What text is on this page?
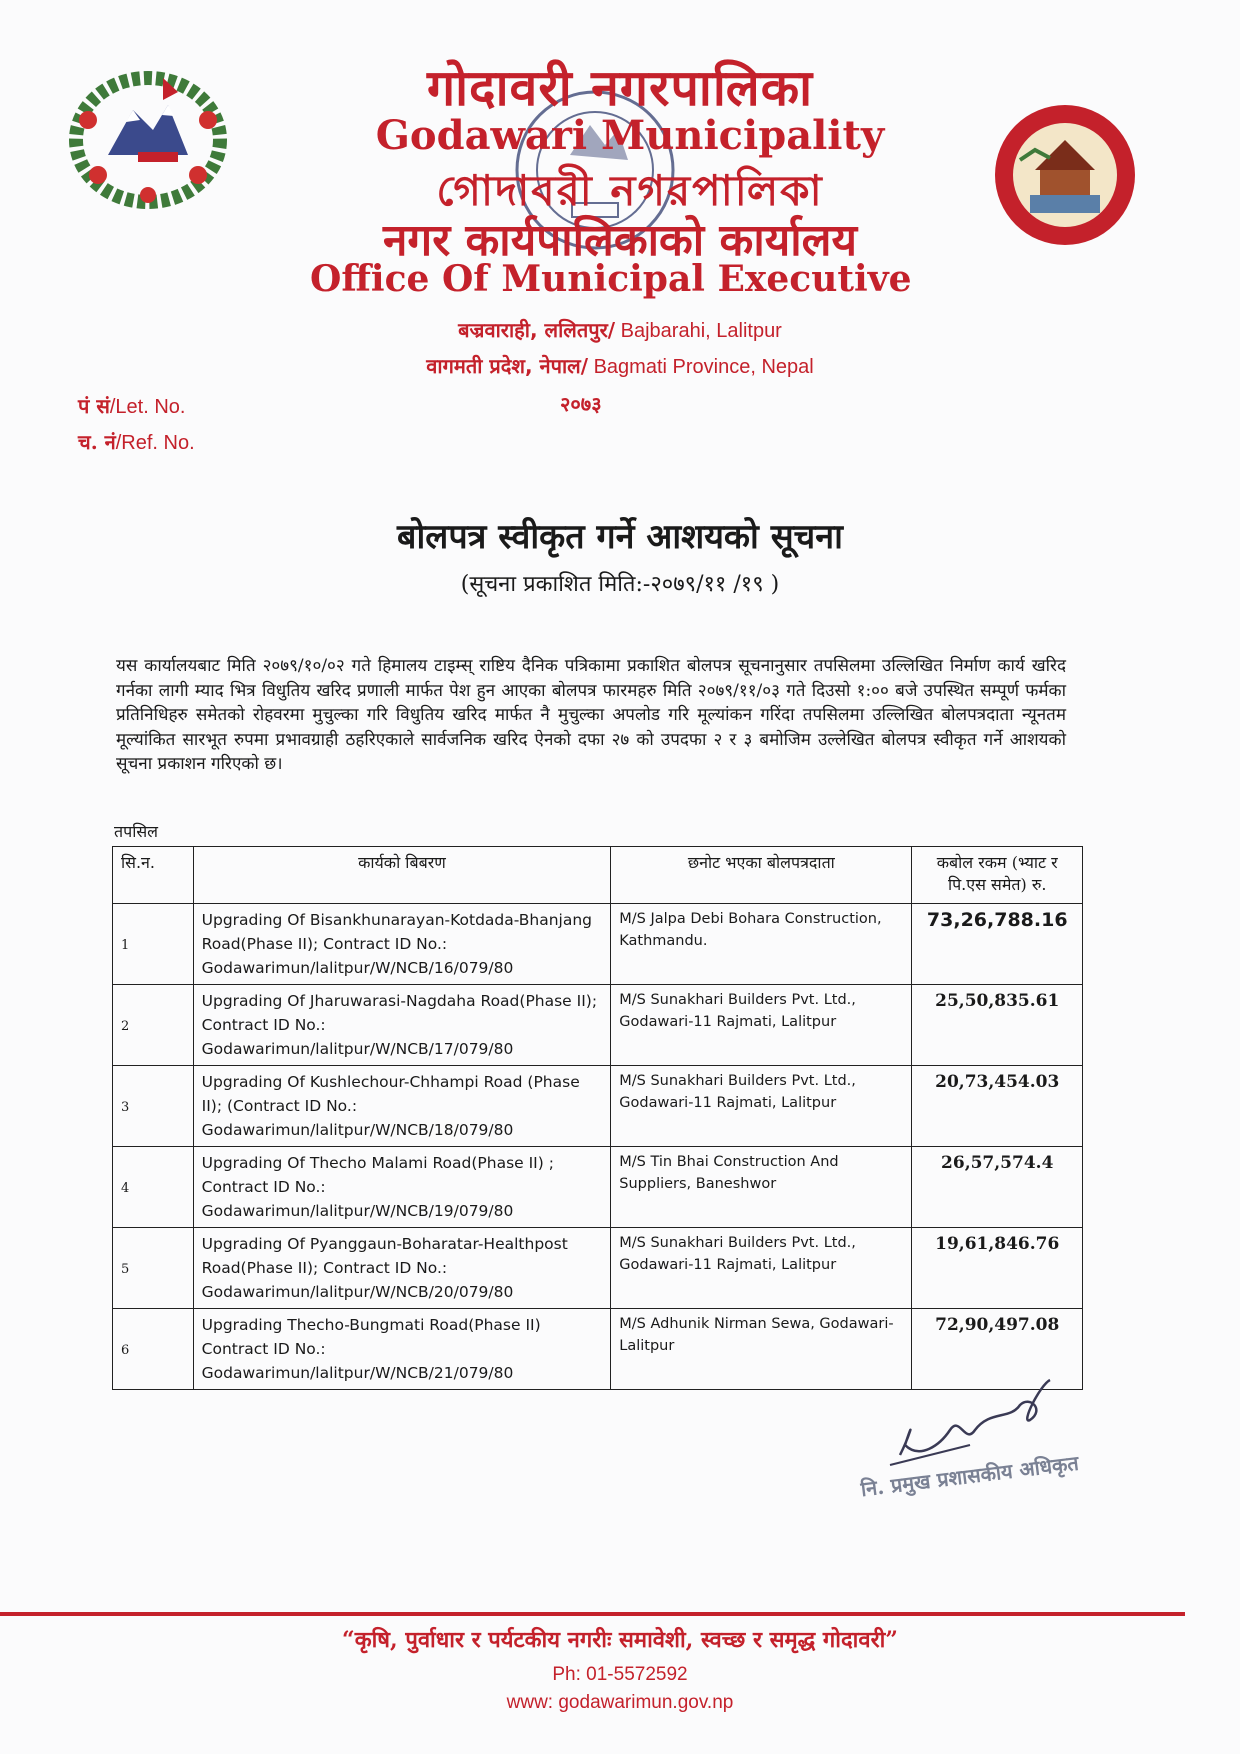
गोदावरी नगरपालिका
Godawari Municipality
গোদাবরী নগরপালিকা
नगर कार्यपालिकाको कार्यालय
Office Of Municipal Executive
बज्रवाराही, ललितपुर/ Bajbarahi, Lalitpur
वागमती प्रदेश, नेपाल/ Bagmati Province, Nepal
२०७३
पं सं/Let. No.
च. नं/Ref. No.
बोलपत्र स्वीकृत गर्ने आशयको सूचना
(सूचना प्रकाशित मिति:-२०७९/११ /१९ )
यस कार्यालयबाट मिति २०७९/१०/०२ गते हिमालय टाइम्स् राष्टिय दैनिक पत्रिकामा प्रकाशित बोलपत्र सूचनानुसार तपसिलमा उल्लिखित निर्माण कार्य खरिद गर्नका लागी म्याद भित्र विधुतिय खरिद प्रणाली मार्फत पेश हुन आएका बोलपत्र फारमहरु मिति २०७९/११/०३ गते दिउसो १:०० बजे उपस्थित सम्पूर्ण फर्मका प्रतिनिधिहरु समेतको रोहवरमा मुचुल्का गरि विधुतिय खरिद मार्फत नै मुचुल्का अपलोड गरि मूल्यांकन गरिंदा तपसिलमा उल्लिखित बोलपत्रदाता न्यूनतम मूल्यांकित सारभूत रुपमा प्रभावग्राही ठहरिएकाले सार्वजनिक खरिद ऐनको दफा २७ को उपदफा २ र ३ बमोजिम उल्लेखित बोलपत्र स्वीकृत गर्ने आशयको सूचना प्रकाशन गरिएको छ।
तपसिल
सि.न.	कार्यको बिबरण	छनोट भएका बोलपत्रदाता	कबोल रकम (भ्याट र पि.एस समेत) रु.
1	Upgrading Of Bisankhunarayan-Kotdada-Bhanjang Road(Phase II); Contract ID No.: Godawarimun/lalitpur/W/NCB/16/079/80	M/S Jalpa Debi Bohara Construction, Kathmandu.	73,26,788.16
2	Upgrading Of Jharuwarasi-Nagdaha Road(Phase II); Contract ID No.: Godawarimun/lalitpur/W/NCB/17/079/80	M/S Sunakhari Builders Pvt. Ltd., Godawari-11 Rajmati, Lalitpur	25,50,835.61
3	Upgrading Of Kushlechour-Chhampi Road (Phase II); (Contract ID No.: Godawarimun/lalitpur/W/NCB/18/079/80	M/S Sunakhari Builders Pvt. Ltd., Godawari-11 Rajmati, Lalitpur	20,73,454.03
4	Upgrading Of Thecho Malami Road(Phase II) ; Contract ID No.: Godawarimun/lalitpur/W/NCB/19/079/80	M/S Tin Bhai Construction And Suppliers, Baneshwor	26,57,574.4
5	Upgrading Of Pyanggaun-Boharatar-Healthpost Road(Phase II); Contract ID No.: Godawarimun/lalitpur/W/NCB/20/079/80	M/S Sunakhari Builders Pvt. Ltd., Godawari-11 Rajmati, Lalitpur	19,61,846.76
6	Upgrading Thecho-Bungmati Road(Phase II) Contract ID No.: Godawarimun/lalitpur/W/NCB/21/079/80	M/S Adhunik Nirman Sewa, Godawari-Lalitpur	72,90,497.08
नि. प्रमुख प्रशासकीय अधिकृत
“कृषि, पुर्वाधार र पर्यटकीय नगरीः समावेशी, स्वच्छ र समृद्ध गोदावरी”
Ph: 01-5572592
www: godawarimun.gov.np
